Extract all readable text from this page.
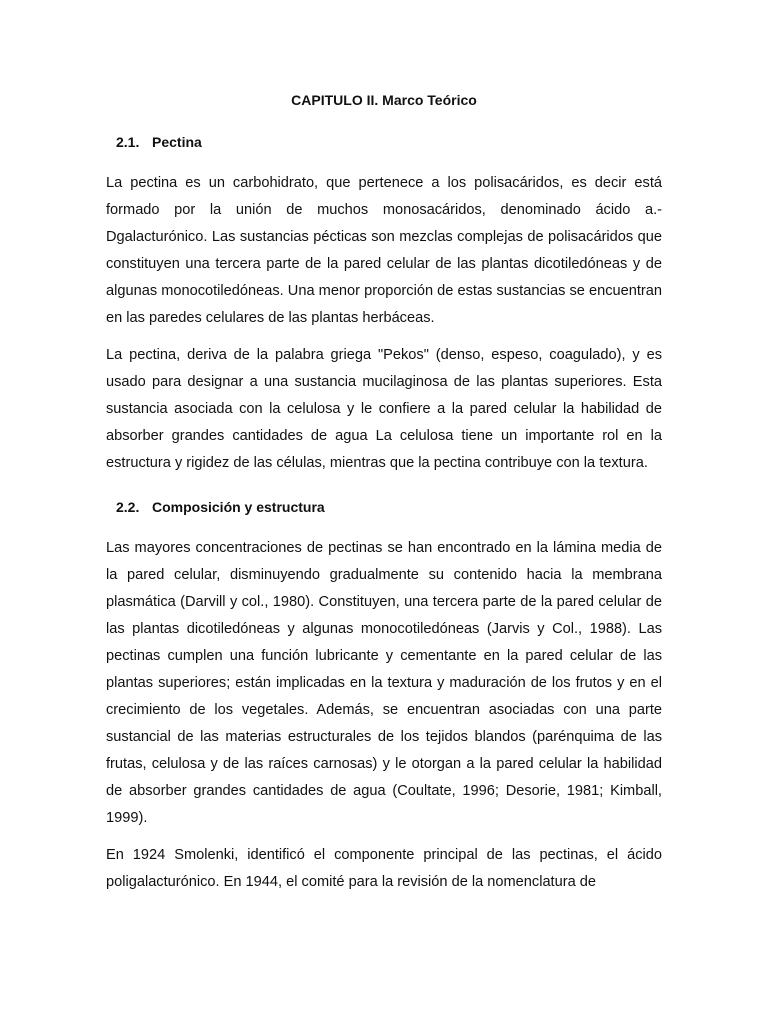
CAPITULO II. Marco Teórico
2.1. Pectina

La pectina es un carbohidrato, que pertenece a los polisacáridos, es decir está formado por la unión de muchos monosacáridos, denominado ácido a.- Dgalacturónico. Las sustancias pécticas son mezclas complejas de polisacáridos que constituyen una tercera parte de la pared celular de las plantas dicotiledóneas y de algunas monocotiledóneas. Una menor proporción de estas sustancias se encuentran en las paredes celulares de las plantas herbáceas.

La pectina, deriva de la palabra griega "Pekos" (denso, espeso, coagulado), y es usado para designar a una sustancia mucilaginosa de las plantas superiores. Esta sustancia asociada con la celulosa y le confiere a la pared celular la habilidad de absorber grandes cantidades de agua La celulosa tiene un importante rol en la estructura y rigidez de las células, mientras que la pectina contribuye con la textura.

2.2. Composición y estructura

Las mayores concentraciones de pectinas se han encontrado en la lámina media de la pared celular, disminuyendo gradualmente su contenido hacia la membrana plasmática (Darvill y col., 1980). Constituyen, una tercera parte de la pared celular de las plantas dicotiledóneas y algunas monocotiledóneas (Jarvis y Col., 1988). Las pectinas cumplen una función lubricante y cementante en la pared celular de las plantas superiores; están implicadas en la textura y maduración de los frutos y en el crecimiento de los vegetales. Además, se encuentran asociadas con una parte sustancial de las materias estructurales de los tejidos blandos (parénquima de las frutas, celulosa y de las raíces carnosas) y le otorgan a la pared celular la habilidad de absorber grandes cantidades de agua (Coultate, 1996; Desorie, 1981; Kimball, 1999).

En 1924 Smolenki, identificó el componente principal de las pectinas, el ácido poligalacturónico. En 1944, el comité para la revisión de la nomenclatura de
